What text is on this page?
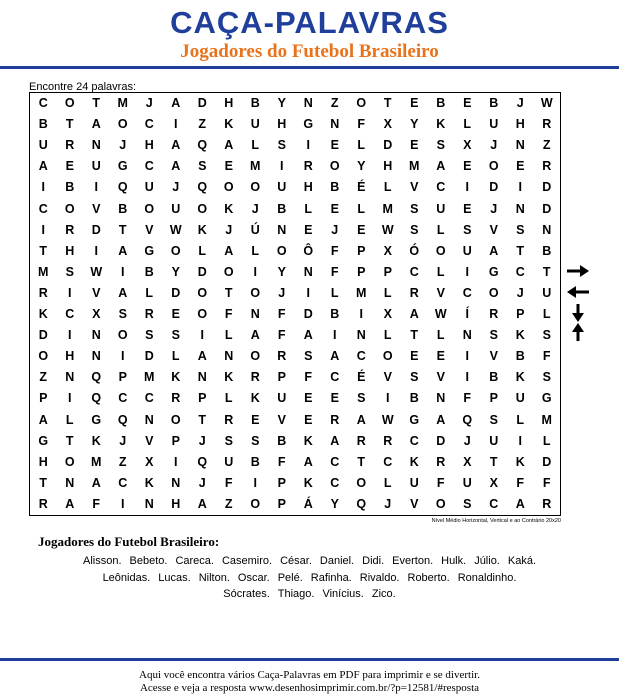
CAÇA-PALAVRAS
Jogadores do Futebol Brasileiro
Encontre 24 palavras:
C	O	T	M	J	A	D	H	B	Y	N	Z	O	T	E	B	E	B	J	W
B	T	A	O	C	I	Z	K	U	H	G	N	F	X	Y	K	L	U	H	R
U	R	N	J	H	A	Q	A	L	S	I	E	L	D	E	S	X	J	N	Z
A	E	U	G	C	A	S	E	M	I	R	O	Y	H	M	A	E	O	E	R
I	B	I	Q	U	J	Q	O	O	U	H	B	É	L	V	C	I	D	I	D
C	O	V	B	O	U	O	K	J	B	L	E	L	M	S	U	E	J	N	D
I	R	D	T	V	W	K	J	Ú	N	E	J	E	W	S	L	S	V	S	N
T	H	I	A	G	O	L	A	L	O	Ô	F	P	X	Ó	O	U	A	T	B
M	S	W	I	B	Y	D	O	I	Y	N	F	P	P	C	L	I	G	C	T
R	I	V	A	L	D	O	T	O	J	I	L	M	L	R	V	C	O	J	U
K	C	X	S	R	E	O	F	N	F	D	B	I	X	A	W	Í	R	P	L
D	I	N	O	S	S	I	L	A	F	A	I	N	L	T	L	N	S	K	S
O	H	N	I	D	L	A	N	O	R	S	A	C	O	E	E	I	V	B	F
Z	N	Q	P	M	K	N	K	R	P	F	C	É	V	S	V	I	B	K	S
P	I	Q	C	C	R	P	L	K	U	E	E	S	I	B	N	F	P	U	G
A	L	G	Q	N	O	T	R	E	V	E	R	A	W	G	A	Q	S	L	M
G	T	K	J	V	P	J	S	S	B	K	A	R	R	C	D	J	U	I	L
H	O	M	Z	X	I	Q	U	B	F	A	C	T	C	K	R	X	T	K	D
T	N	A	C	K	N	J	F	I	P	K	C	O	L	U	F	U	X	F	F
R	A	F	I	N	H	A	Z	O	P	Á	Y	Q	J	V	O	S	C	A	R
Nível Médio Horizontal, Vertical e ao Contrário 20x20
Jogadores do Futebol Brasileiro:
Alisson. Bebeto. Careca. Casemiro. César. Daniel. Didi. Everton. Hulk. Júlio. Kaká.
Leônidas. Lucas. Nilton. Oscar. Pelé. Rafinha. Rivaldo. Roberto. Ronaldinho.
Sócrates. Thiago. Vinícius. Zico.
Aqui você encontra vários Caça-Palavras em PDF para imprimir e se divertir.
Acesse e veja a resposta www.desenhosimprimir.com.br/?p=12581/#resposta
